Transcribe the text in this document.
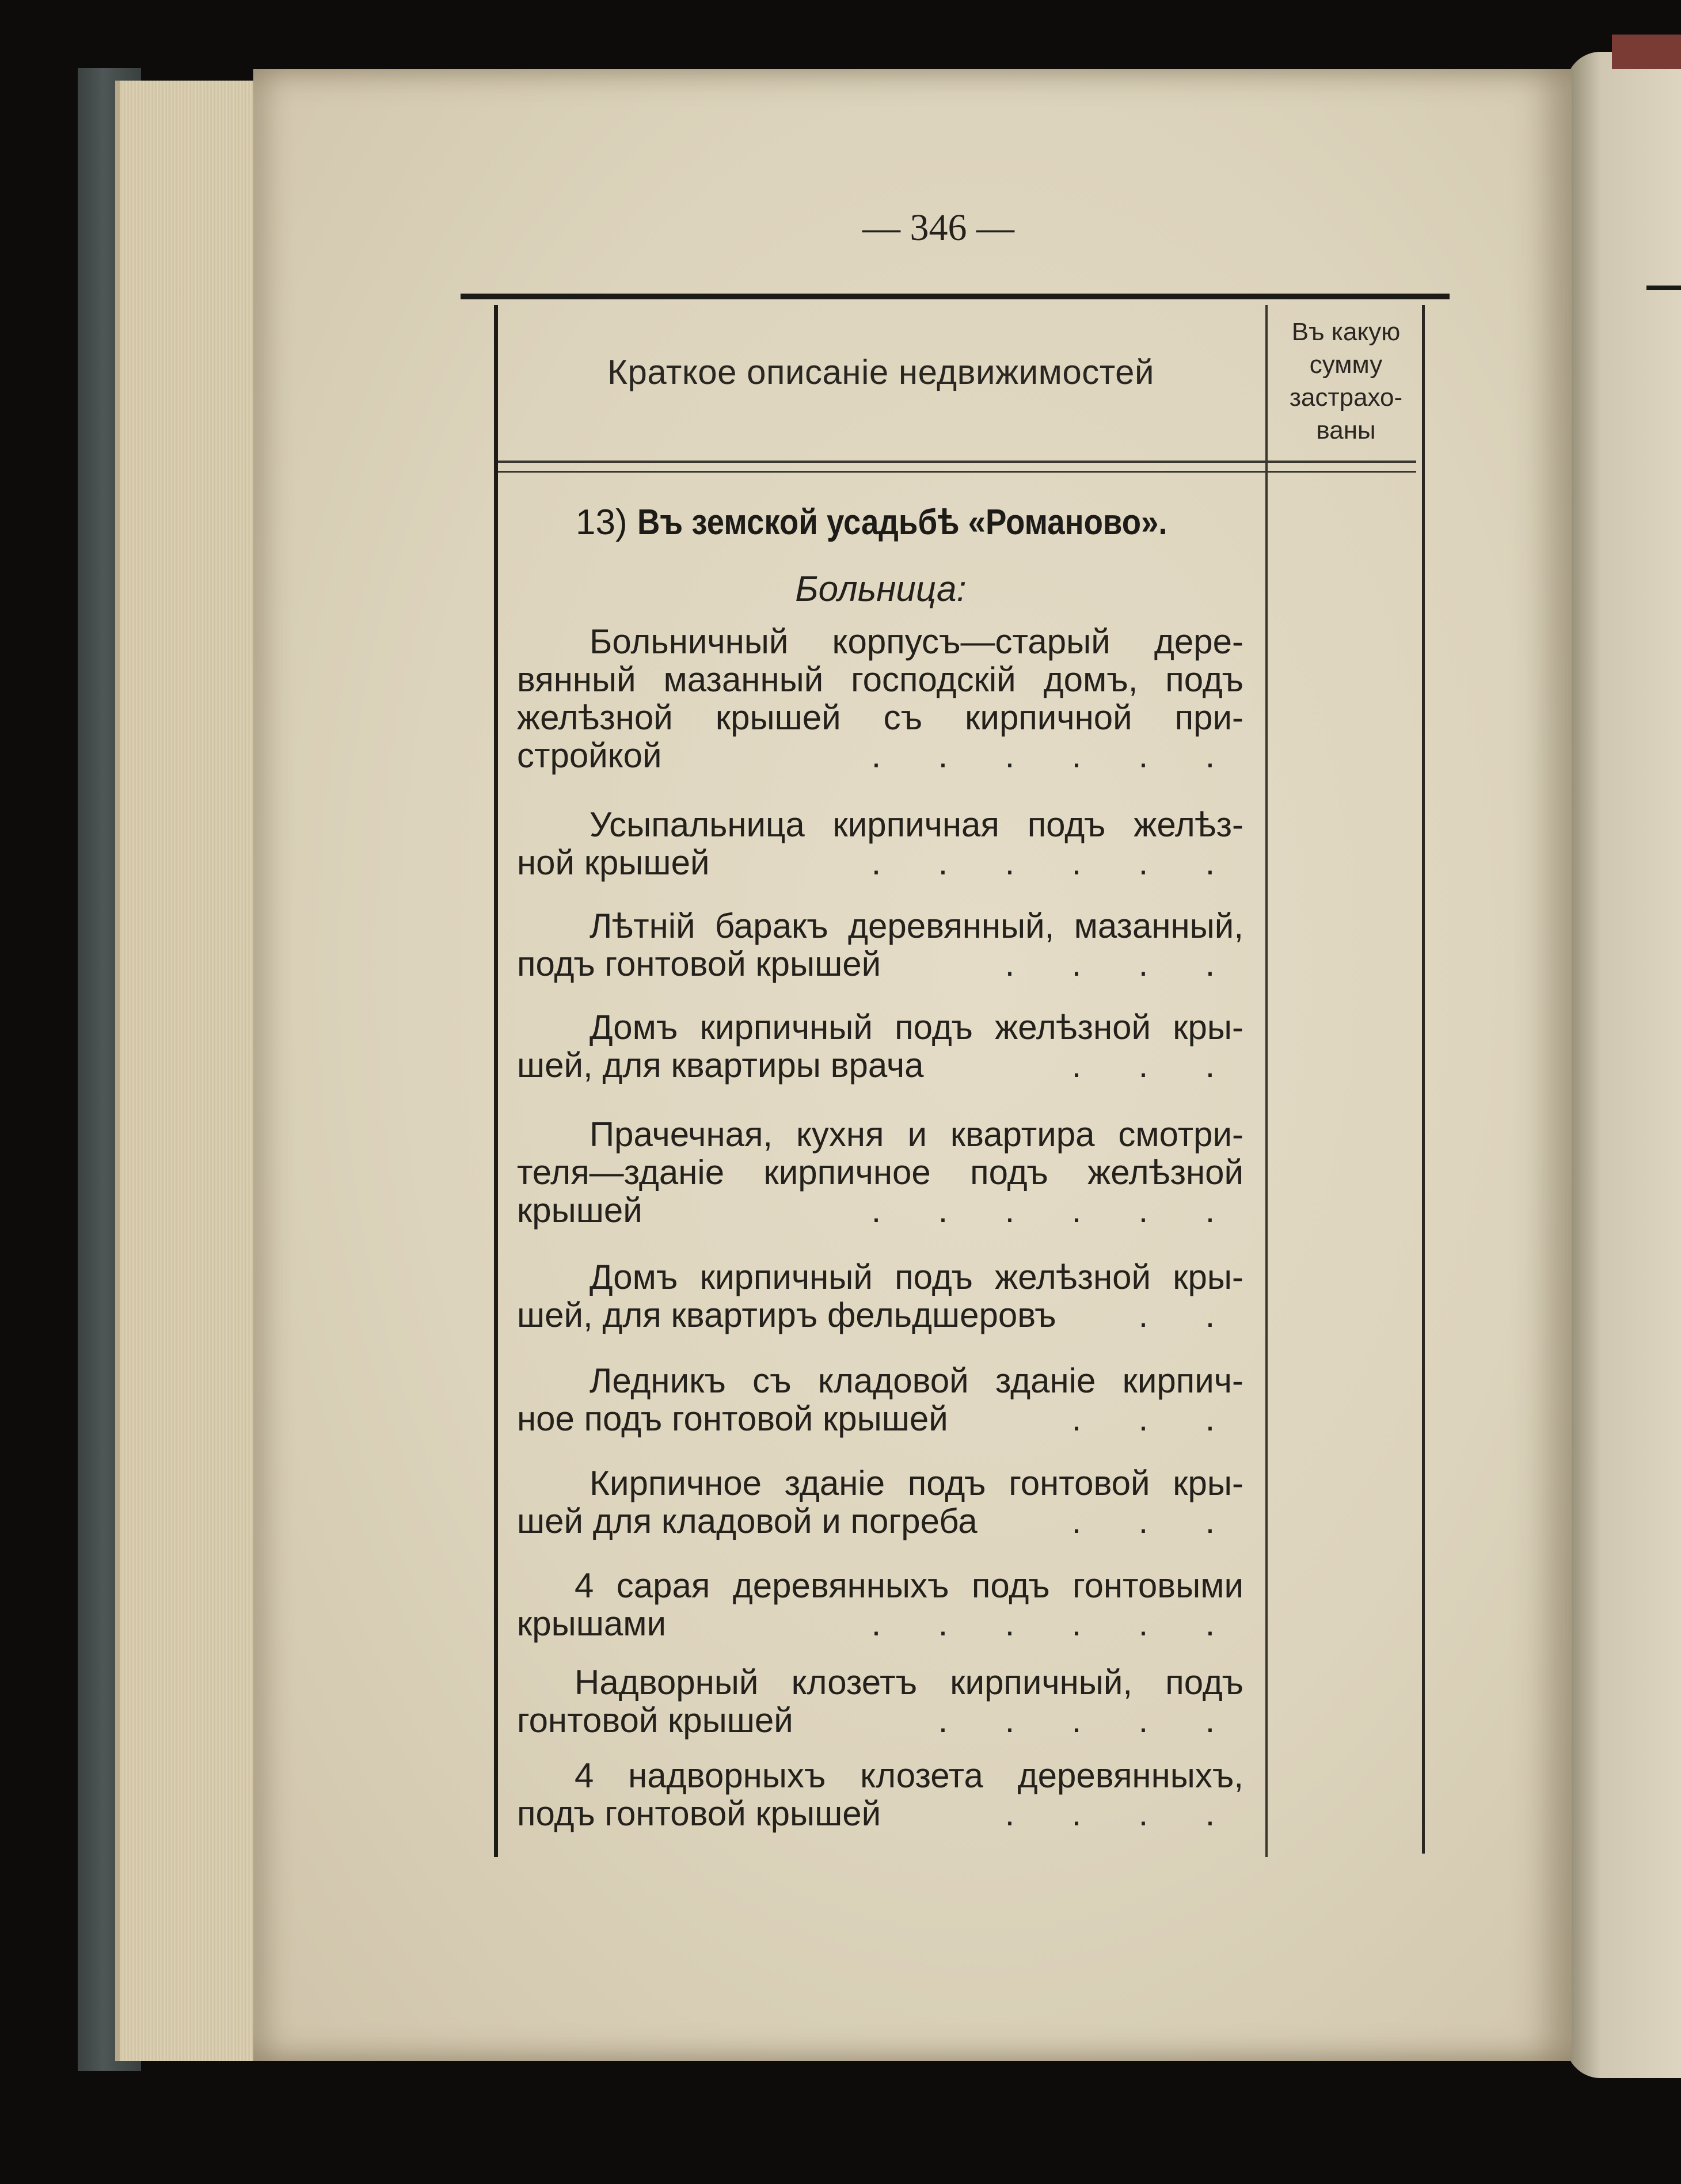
— 346 —
Краткое описаніе недвижимостей
Въ какую
сумму
застрахо-
ваны
13) Въ земской усадьбѣ «Романово».
Больница:
Больничный корпусъ—старый дере-
вянный мазанный господскій домъ, подъ
желѣзной крышей съ кирпичной при-
стройкой	.	.	.	.	.	.
Усыпальница кирпичная подъ желѣз-
ной крышей	.	.	.	.	.	.
Лѣтній баракъ деревянный, мазанный,
подъ гонтовой крышей	.	.	.	.
Домъ кирпичный подъ желѣзной кры-
шей, для квартиры врача	.	.	.
Прачечная, кухня и квартира смотри-
теля—зданіе кирпичное подъ желѣзной
крышей	.	.	.	.	.	.
Домъ кирпичный подъ желѣзной кры-
шей, для квартиръ фельдшеровъ	.	.
Ледникъ съ кладовой зданіе кирпич-
ное подъ гонтовой крышей	.	.	.
Кирпичное зданіе подъ гонтовой кры-
шей для кладовой и погреба	.	.	.
4 сарая деревянныхъ подъ гонтовыми
крышами	.	.	.	.	.	.
Надворный клозетъ кирпичный, подъ
гонтовой крышей	.	.	.	.	.
4 надворныхъ клозета деревянныхъ,
подъ гонтовой крышей	.	.	.	.
